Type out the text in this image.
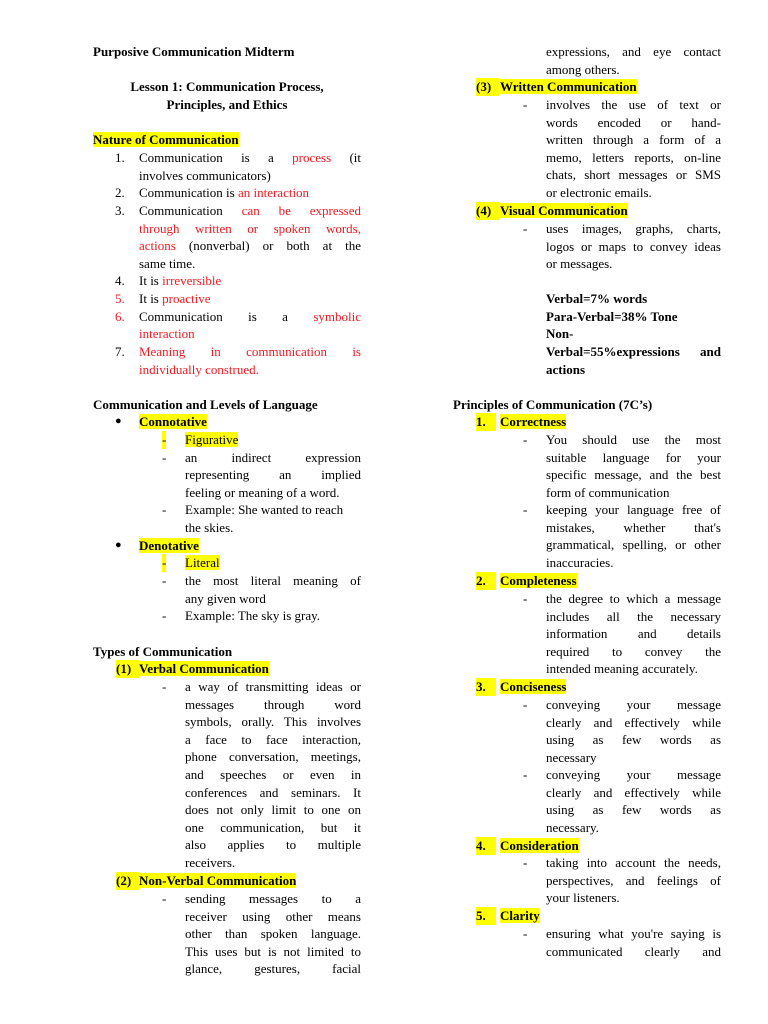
Purposive Communication Midterm
Lesson 1: Communication Process,
Principles, and Ethics
Nature of Communication
1. Communication is a process (it
involves communicators)
2. Communication is an interaction
3. Communication can be expressed
through written or spoken words,
actions (nonverbal) or both at the
same time.
4. It is irreversible
5. It is proactive
6. Communication is a symbolic
interaction
7. Meaning in communication is
individually construed.
Communication and Levels of Language
● Connotative
- Figurative
- an indirect expression
representing an implied
feeling or meaning of a word.
- Example: She wanted to reach
the skies.
● Denotative
- Literal
- the most literal meaning of
any given word
- Example: The sky is gray.
Types of Communication
(1) Verbal Communication
- a way of transmitting ideas or
messages through word
symbols, orally. This involves
a face to face interaction,
phone conversation, meetings,
and speeches or even in
conferences and seminars. It
does not only limit to one on
one communication, but it
also applies to multiple
receivers.
(2) Non-Verbal Communication
- sending messages to a
receiver using other means
other than spoken language.
This uses but is not limited to
glance, gestures, facial
expressions, and eye contact
among others.
(3) Written Communication
- involves the use of text or
words encoded or hand-
written through a form of a
memo, letters reports, on-line
chats, short messages or SMS
or electronic emails.
(4) Visual Communication
- uses images, graphs, charts,
logos or maps to convey ideas
or messages.
Verbal=7% words
Para-Verbal=38% Tone
Non-
Verbal=55%expressions and
actions
Principles of Communication (7C’s)
1.	Correctness
- You should use the most
suitable language for your
specific message, and the best
form of communication
- keeping your language free of
mistakes, whether that's
grammatical, spelling, or other
inaccuracies.
2.	Completeness
- the degree to which a message
includes all the necessary
information and details
required to convey the
intended meaning accurately.
3.	Conciseness
- conveying your message
clearly and effectively while
using as few words as
necessary
- conveying your message
clearly and effectively while
using as few words as
necessary.
4.	Consideration
- taking into account the needs,
perspectives, and feelings of
your listeners.
5.	Clarity
- ensuring what you're saying is
communicated clearly and
